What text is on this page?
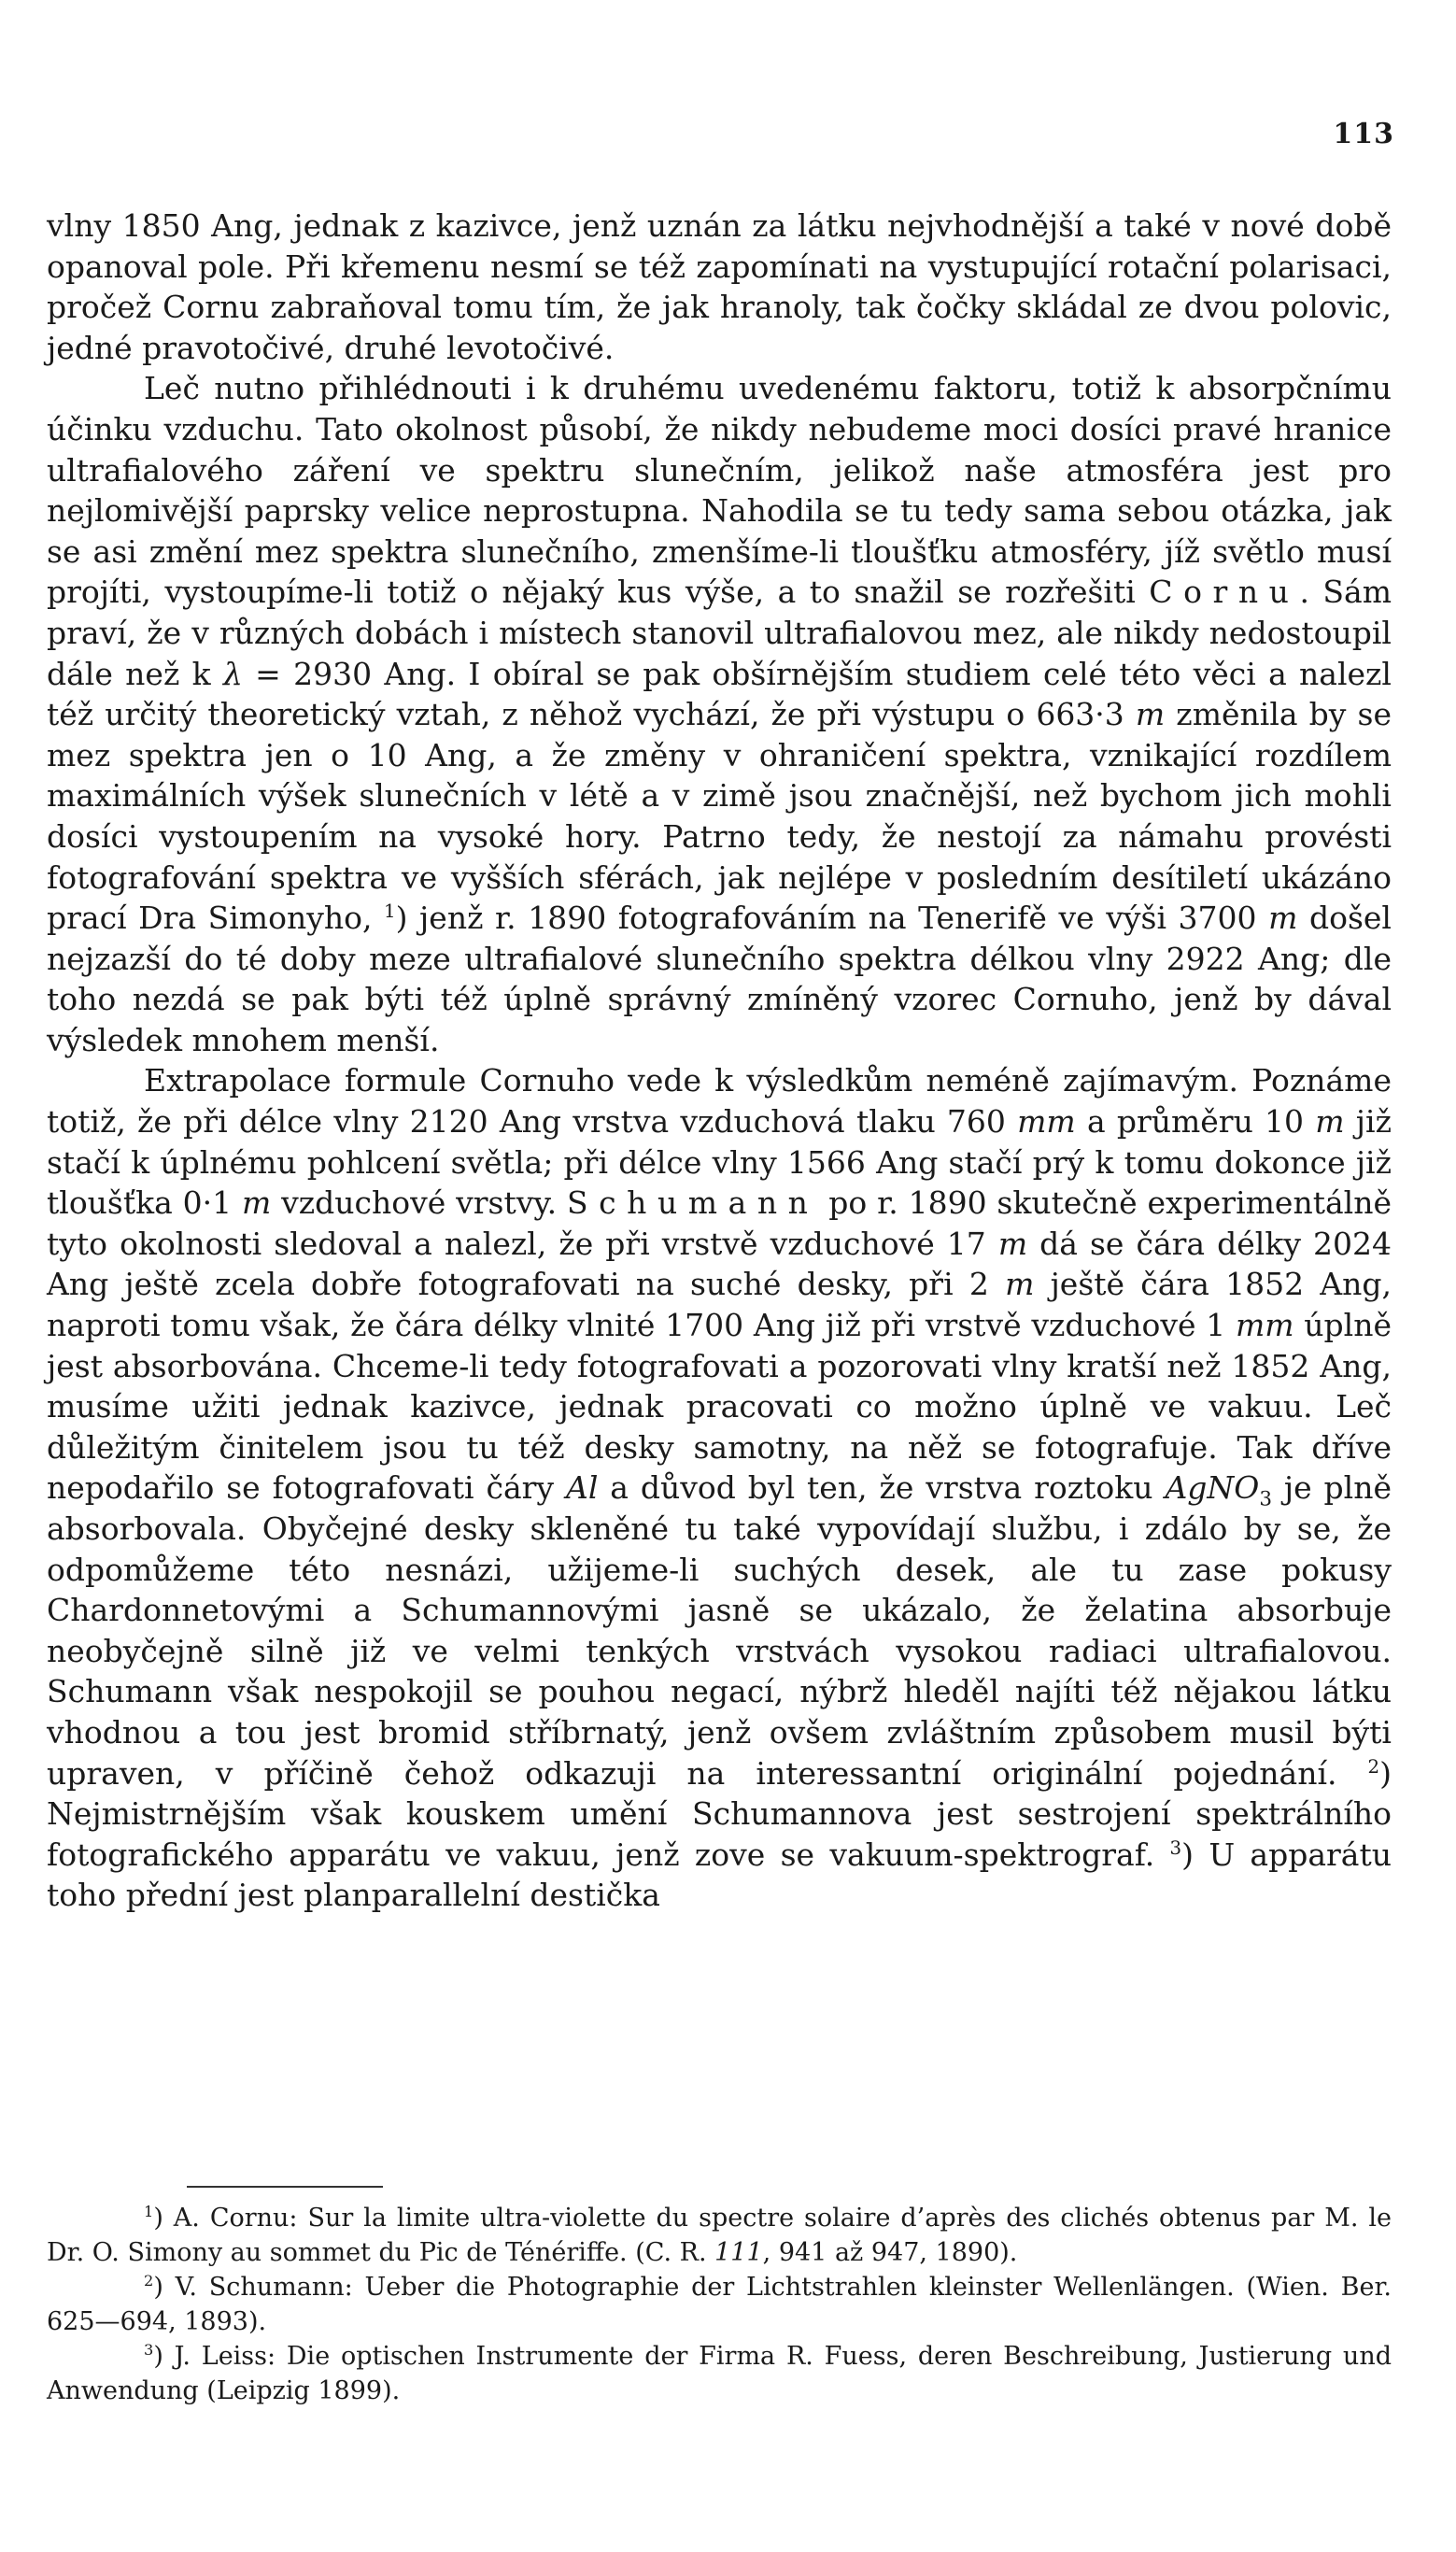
113

vlny 1850 Ang, jednak z kazivce, jenž uznán za látku nejvhodnější a také v nové době opanoval pole. Při křemenu nesmí se též zapomínati na vystupující rotační polarisaci, pročež Cornu zabraňoval tomu tím, že jak hranoly, tak čočky skládal ze dvou polovic, jedné pravotočivé, druhé levotočivé.

Leč nutno přihlédnouti i k druhému uvedenému faktoru, totiž k absorpčnímu účinku vzduchu. Tato okolnost působí, že nikdy nebudeme moci dosíci pravé hranice ultrafialového záření ve spektru slunečním, jelikož naše atmosféra jest pro nejlomivější paprsky velice neprostupna. Nahodila se tu tedy sama sebou otázka, jak se asi změní mez spektra slunečního, zmenšíme-li tloušťku atmosféry, jíž světlo musí projíti, vystoupíme-li totiž o nějaký kus výše, a to snažil se rozřešiti Cornu. Sám praví, že v různých dobách i místech stanovil ultrafialovou mez, ale nikdy nedostoupil dále než k λ = 2930 Ang. I obíral se pak obšírnějším studiem celé této věci a nalezl též určitý theoretický vztah, z něhož vychází, že při výstupu o 663·3 m změnila by se mez spektra jen o 10 Ang, a že změny v ohraničení spektra, vznikající rozdílem maximálních výšek slunečních v létě a v zimě jsou značnější, než bychom jich mohli dosíci vystoupením na vysoké hory. Patrno tedy, že nestojí za námahu provésti fotografování spektra ve vyšších sférách, jak nejlépe v posledním desítiletí ukázáno prací Dra Simonyho, $^1$) jenž r. 1890 fotografováním na Tenerifě ve výši 3700 m došel nejzazší do té doby meze ultrafialové slunečního spektra délkou vlny 2922 Ang; dle toho nezdá se pak býti též úplně správný zmíněný vzorec Cornuho, jenž by dával výsledek mnohem menší.

Extrapolace formule Cornuho vede k výsledkům neméně zajímavým. Poznáme totiž, že při délce vlny 2120 Ang vrstva vzduchová tlaku 760 mm a průměru 10 m již stačí k úplnému pohlcení světla; při délce vlny 1566 Ang stačí prý k tomu dokonce již tloušťka 0·1 m vzduchové vrstvy. Schumann po r. 1890 skutečně experimentálně tyto okolnosti sledoval a nalezl, že při vrstvě vzduchové 17 m dá se čára délky 2024 Ang ještě zcela dobře fotografovati na suché desky, při 2 m ještě čára 1852 Ang, naproti tomu však, že čára délky vlnité 1700 Ang již při vrstvě vzduchové 1 mm úplně jest absorbována. Chceme-li tedy fotografovati a pozorovati vlny kratší než 1852 Ang, musíme užiti jednak kazivce, jednak pracovati co možno úplně ve vakuu. Leč důležitým činitelem jsou tu též desky samotny, na něž se fotografuje. Tak dříve nepodařilo se fotografovati čáry Al a důvod byl ten, že vrstva roztoku AgNO$_3$ je plně absorbovala. Obyčejné desky skleněné tu také vypovídají službu, i zdálo by se, že odpomůžeme této nesnázi, užijeme-li suchých desek, ale tu zase pokusy Chardonnetovými a Schumannovými jasně se ukázalo, že želatina absorbuje neobyčejně silně již ve velmi tenkých vrstvách vysokou radiaci ultrafialovou. Schumann však nespokojil se pouhou negací, nýbrž hleděl najíti též nějakou látku vhodnou a tou jest bromid stříbrnatý, jenž ovšem zvláštním způsobem musil býti upraven, v příčině čehož odkazuji na interessantní originální pojednání. $^2$) Nejmistrnějším však kouskem umění Schumannova jest sestrojení spektrálního fotografického apparátu ve vakuu, jenž zove se vakuum-spektrograf. $^3$) U apparátu toho přední jest planparallelní destička

$^1$) A. Cornu: Sur la limite ultra-violette du spectre solaire d’après des clichés obtenus par M. le Dr. O. Simony au sommet du Pic de Ténériffe. (C. R. 111, 941 až 947, 1890).

$^2$) V. Schumann: Ueber die Photographie der Lichtstrahlen kleinster Wellenlängen. (Wien. Ber. 625—694, 1893).

$^3$) J. Leiss: Die optischen Instrumente der Firma R. Fuess, deren Beschreibung, Justierung und Anwendung (Leipzig 1899).
